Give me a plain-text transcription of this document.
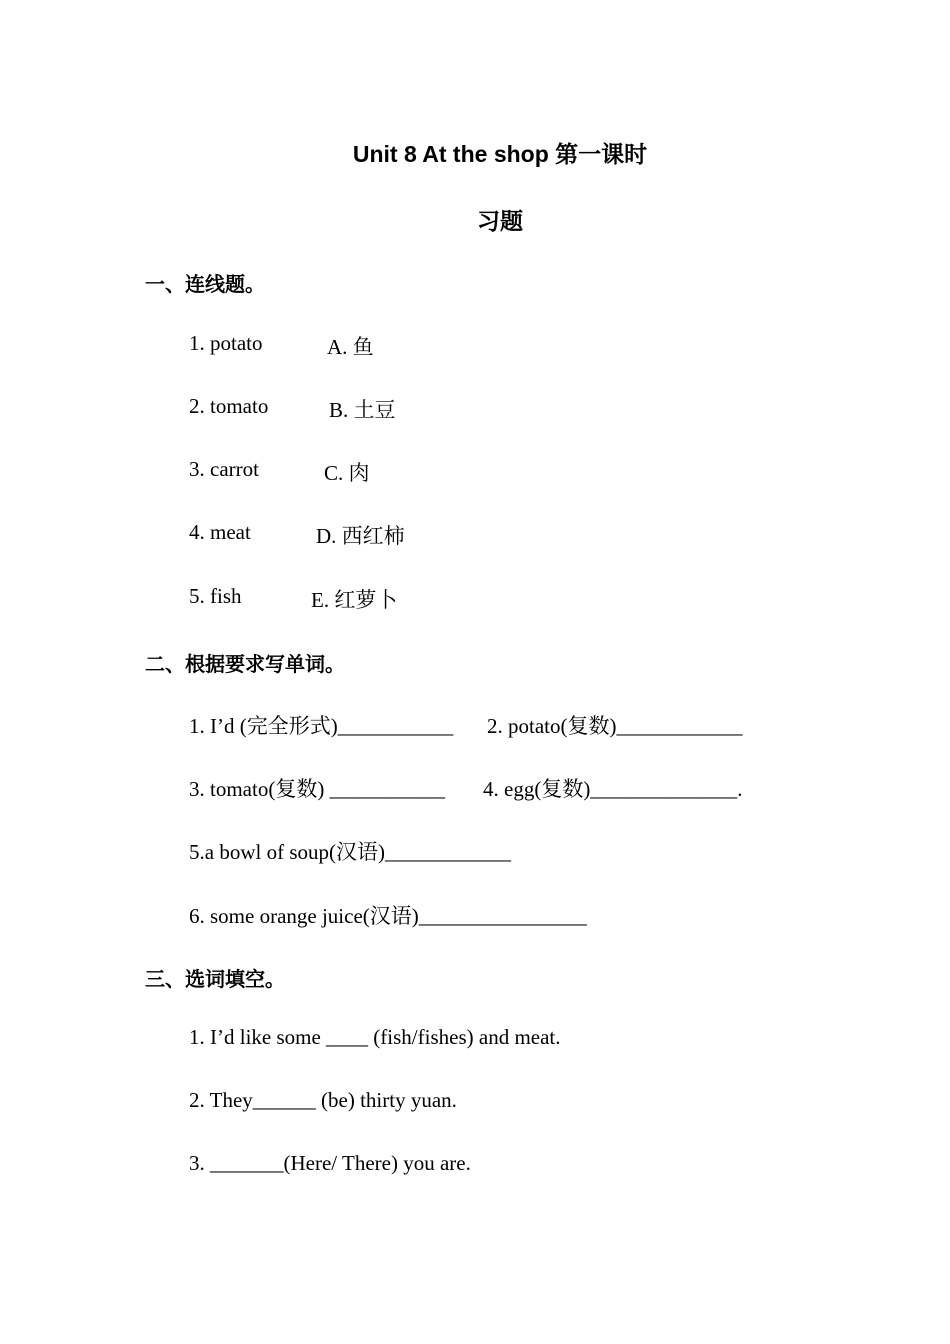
Unit 8 At the shop 第一课时
习题
一、连线题。
1. potato	A. 鱼
2. tomato	B. 土豆
3. carrot	C. 肉
4. meat	D. 西红柿
5. fish	E. 红萝卜
二、根据要求写单词。
1. I’d (完全形式)___________ 2. potato(复数)____________
3. tomato(复数) ___________ 4. egg(复数)______________.
5.a bowl of soup(汉语)____________
6. some orange juice(汉语)________________
三、选词填空。
1. I’d like some ____ (fish/fishes) and meat.
2. They______ (be) thirty yuan.
3. _______(Here/ There) you are.
